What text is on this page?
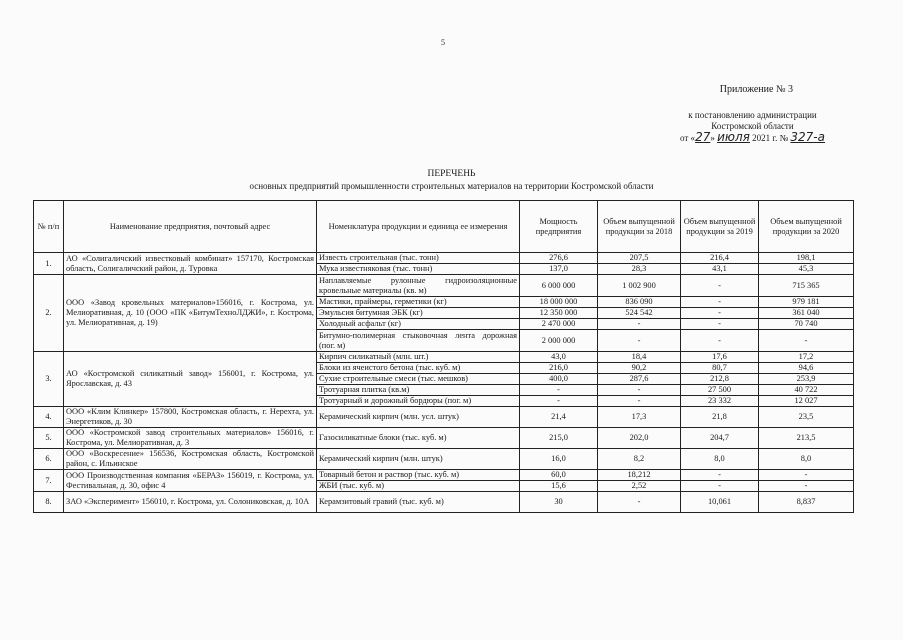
5
Приложение № 3
к постановлению администрации
Костромской области
от «27» июля 2021 г. № 327-а
ПЕРЕЧЕНЬ
основных предприятий промышленности строительных материалов на территории Костромской области
№ п/п	Наименование предприятия, почтовый адрес	Номенклатура продукции и единица ее измерения	Мощность предприятия	Объем выпущенной продукции за 2018	Объем выпущенной продукции за 2019	Объем выпущенной продукции за 2020
1.	АО «Солигаличский известковый комбинат» 157170, Костромская область, Солигаличский район, д. Туровка	Известь строительная (тыс. тонн)	276,6	207,5	216,4	198,1
		Мука известняковая (тыс. тонн)	137,0	28,3	43,1	45,3
2.	ООО «Завод кровельных материалов»156016, г. Кострома, ул. Мелиоративная, д. 10 (ООО «ПК «БитумТехноЛДЖИ», г. Кострома, ул. Мелиоративная, д. 19)	Наплавляемые рулонные гидроизоляционные кровельные материалы (кв. м)	6 000 000	1 002 900	-	715 365
		Мастики, праймеры, герметики (кг)	18 000 000	836 090	-	979 181
		Эмульсия битумная ЭБК (кг)	12 350 000	524 542	-	361 040
		Холодный асфальт (кг)	2 470 000	-	-	70 740
		Битумно-полимерная стыковочная лента дорожная (пог. м)	2 000 000	-	-	-
3.	АО «Костромской силикатный завод» 156001, г. Кострома, ул. Ярославская, д. 43	Кирпич силикатный (млн. шт.)	43,0	18,4	17,6	17,2
		Блоки из ячеистого бетона (тыс. куб. м)	216,0	90,2	80,7	94,6
		Сухие строительные смеси (тыс. мешков)	400,0	287,6	212,8	253,9
		Тротуарная плитка (кв.м)	-	-	27 500	40 722
		Тротуарный и дорожный бордюры (пог. м)	-	-	23 332	12 027
4.	ООО «Клим Клинкер» 157800, Костромская область, г. Нерехта, ул. Энергетиков, д. 30	Керамический кирпич (млн. усл. штук)	21,4	17,3	21,8	23,5
5.	ООО «Костромской завод строительных материалов» 156016, г. Кострома, ул. Мелиоративная, д. 3	Газосиликатные блоки (тыс. куб. м)	215,0	202,0	204,7	213,5
6.	ООО «Воскресение» 156536, Костромская область, Костромской район, с. Ильинское	Керамический кирпич (млн. штук)	16,0	8,2	8,0	8,0
7.	ООО Производственная компания «БЕРАЗ» 156019, г. Кострома, ул. Фестивальная, д. 30, офис 4	Товарный бетон и раствор (тыс. куб. м)	60,0	18,212	-	-
		ЖБИ (тыс. куб. м)	15,6	2,52	-	-
8.	ЗАО «Эксперимент» 156010, г. Кострома, ул. Солониковская, д. 10А	Керамзитовый гравий (тыс. куб. м)	30	-	10,061	8,837
